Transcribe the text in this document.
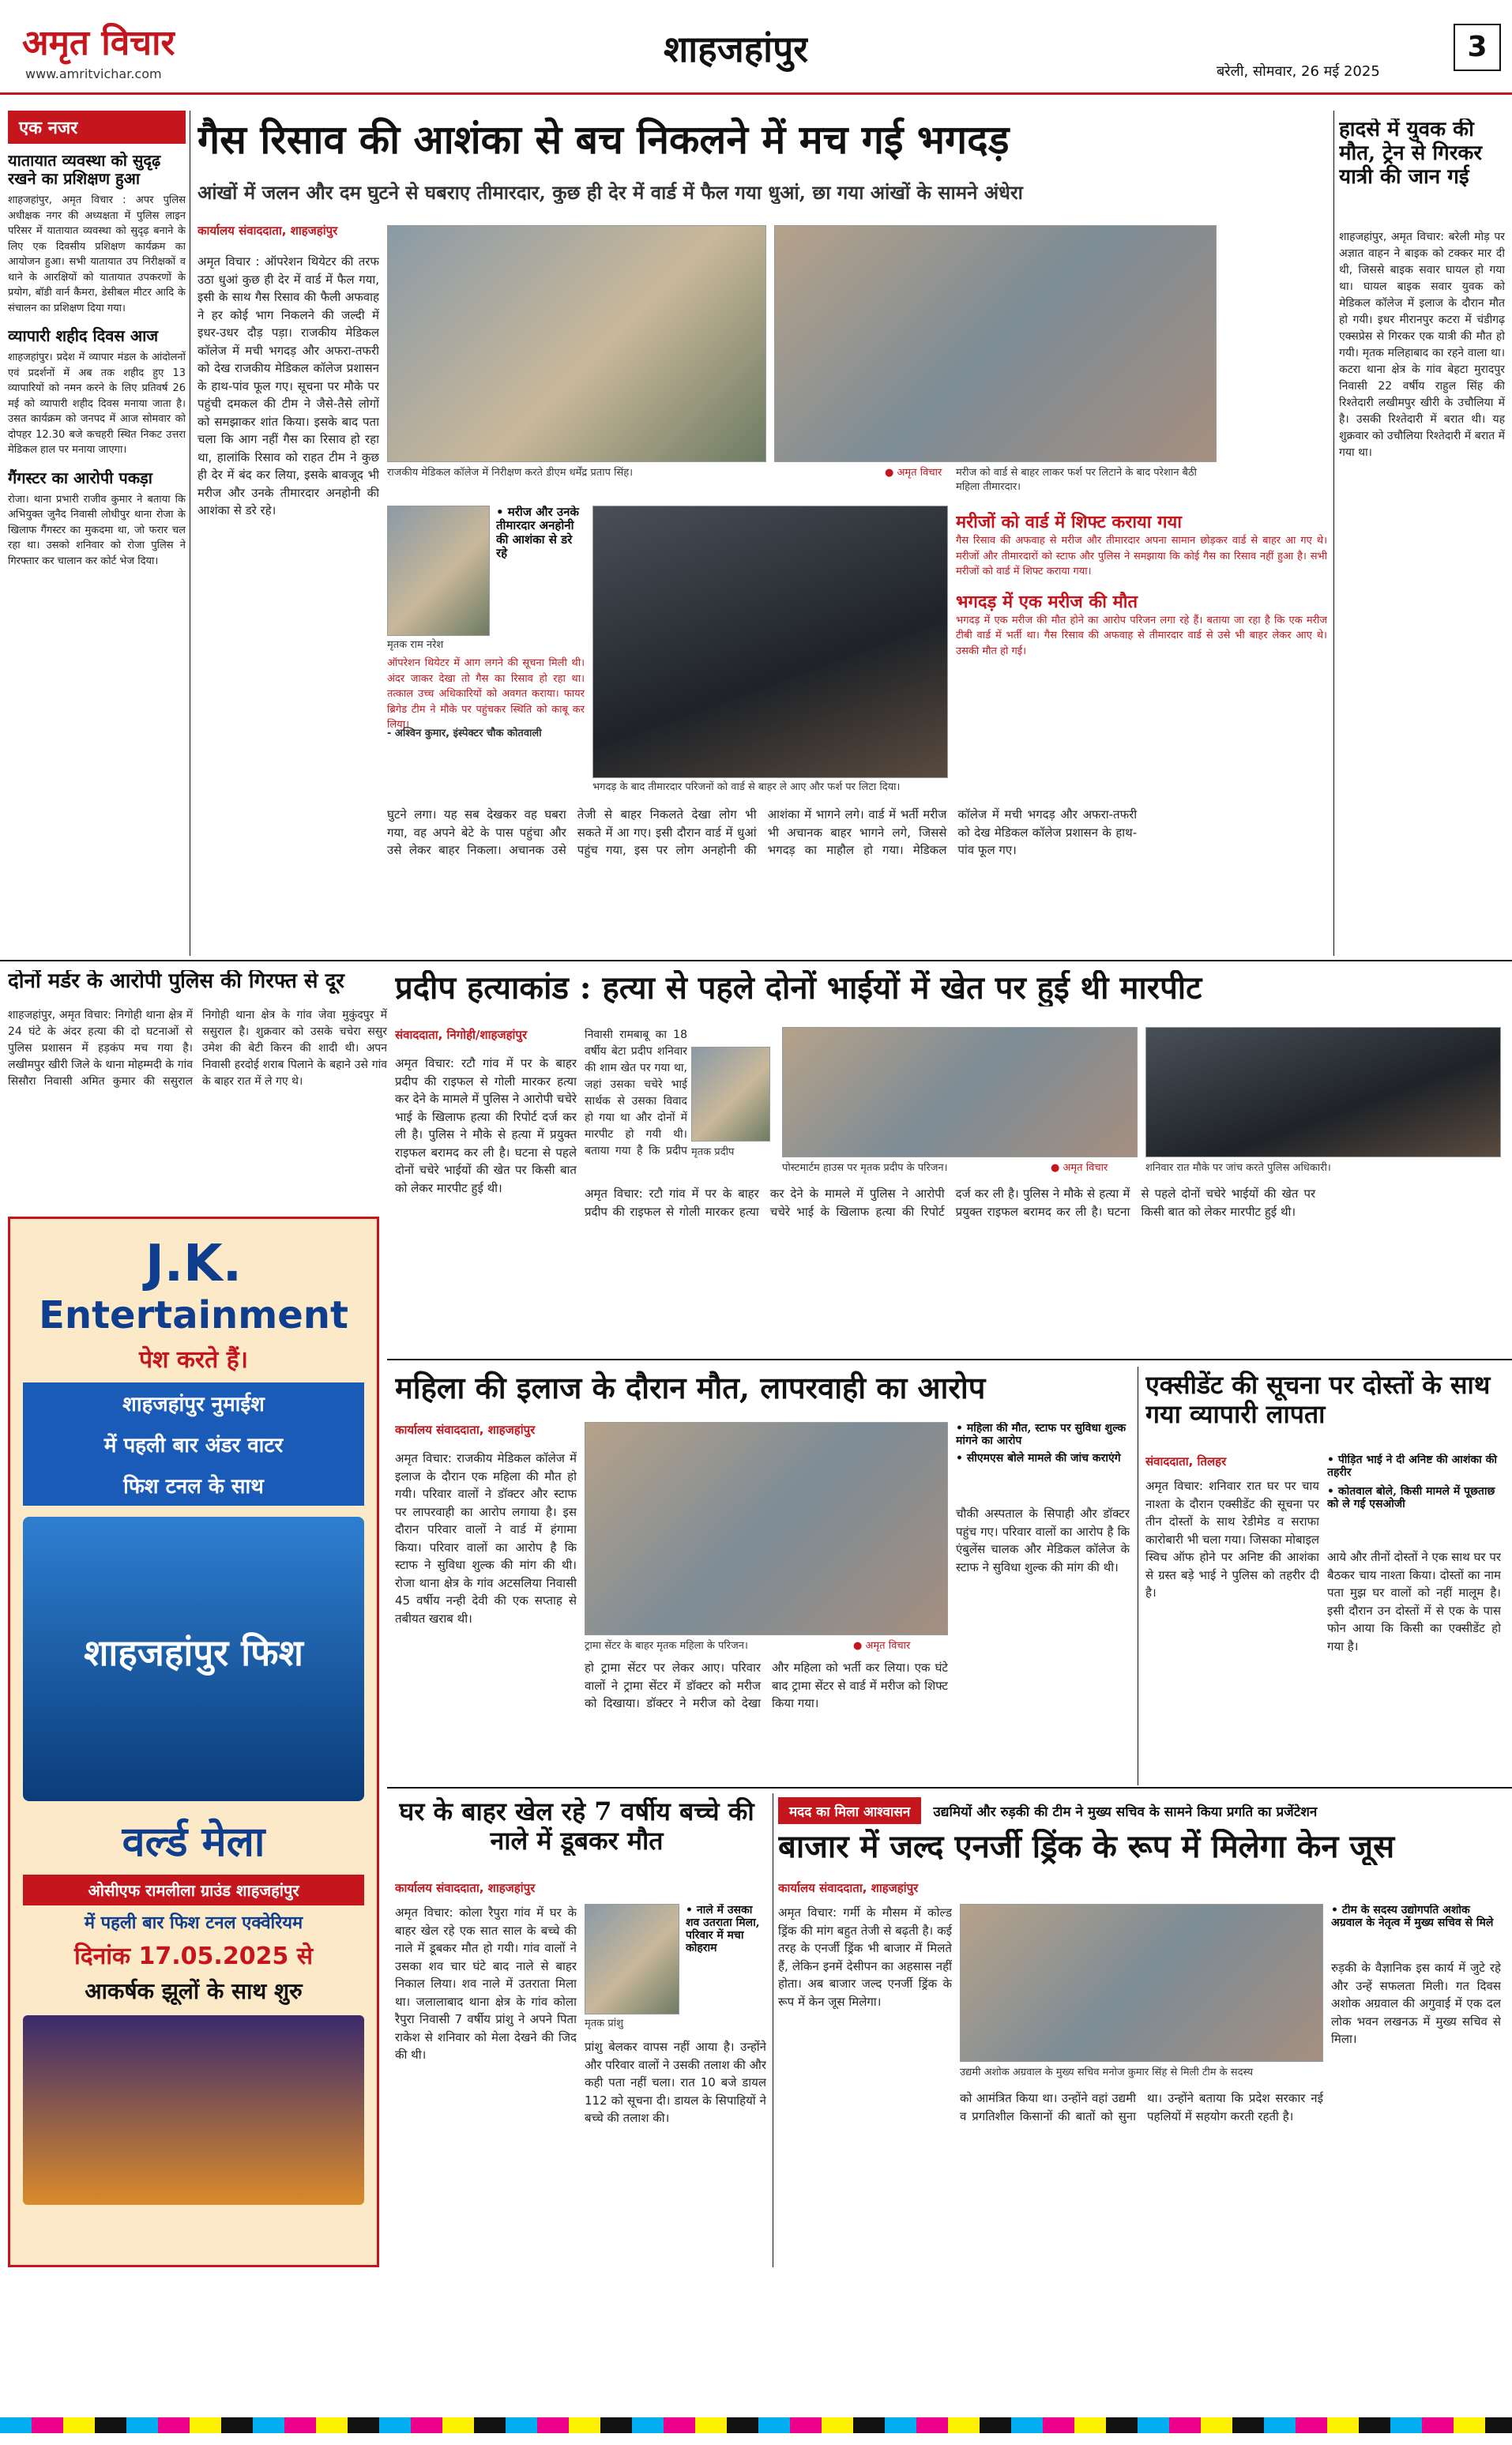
अमृत विचार
www.amritvichar.com
शाहजहांपुर
बरेली, सोमवार, 26 मई 2025
3
एक नजर
यातायात व्यवस्था को सुदृढ़ रखने का प्रशिक्षण हुआ
शाहजहांपुर, अमृत विचार : अपर पुलिस अधीक्षक नगर की अध्यक्षता में पुलिस लाइन परिसर में यातायात व्यवस्था को सुदृढ़ बनाने के लिए एक दिवसीय प्रशिक्षण कार्यक्रम का आयोजन हुआ। सभी यातायात उप निरीक्षकों व थाने के आरक्षियों को यातायात उपकरणों के प्रयोग, बॉडी वार्न कैमरा, डेसीबल मीटर आदि के संचालन का प्रशिक्षण दिया गया।
व्यापारी शहीद दिवस आज
शाहजहांपुर। प्रदेश में व्यापार मंडल के आंदोलनों एवं प्रदर्शनों में अब तक शहीद हुए 13 व्यापारियों को नमन करने के लिए प्रतिवर्ष 26 मई को व्यापारी शहीद दिवस मनाया जाता है। उसत कार्यक्रम को जनपद में आज सोमवार को दोपहर 12.30 बजे कचहरी स्थित निकट उत्तरा मेडिकल हाल पर मनाया जाएगा।
गैंगस्टर का आरोपी पकड़ा
रोजा। थाना प्रभारी राजीव कुमार ने बताया कि अभियुक्त जुनैद निवासी लोधीपुर थाना रोजा के खिलाफ गैंगस्टर का मुकदमा था, जो फरार चल रहा था। उसको शनिवार को रोजा पुलिस ने गिरफ्तार कर चालान कर कोर्ट भेज दिया।
गैस रिसाव की आशंका से बच निकलने में मच गई भगदड़
आंखों में जलन और दम घुटने से घबराए तीमारदार, कुछ ही देर में वार्ड में फैल गया धुआं, छा गया आंखों के सामने अंधेरा
कार्यालय संवाददाता, शाहजहांपुर
अमृत विचार : ऑपरेशन थियेटर की तरफ उठा धुआं कुछ ही देर में वार्ड में फैल गया, इसी के साथ गैस रिसाव की फैली अफवाह ने हर कोई भाग निकलने की जल्दी में इधर-उधर दौड़ पड़ा। राजकीय मेडिकल कॉलेज में मची भगदड़ और अफरा-तफरी को देख राजकीय मेडिकल कॉलेज प्रशासन के हाथ-पांव फूल गए। सूचना पर मौके पर पहुंची दमकल की टीम ने जैसे-तैसे लोगों को समझाकर शांत किया। इसके बाद पता चला कि आग नहीं गैस का रिसाव हो रहा था, हालांकि रिसाव को राहत टीम ने कुछ ही देर में बंद कर लिया, इसके बावजूद भी मरीज और उनके तीमारदार अनहोनी की आशंका से डरे रहे।
राजकीय मेडिकल कॉलेज में निरीक्षण करते डीएम धर्मेंद्र प्रताप सिंह।	मरीज को वार्ड से बाहर लाकर फर्श पर लिटाने के बाद परेशान बैठी महिला तीमारदार।
● अमृत विचार
मृतक राम नरेश
• मरीज और उनके तीमारदार अनहोनी की आशंका से डरे रहे
ऑपरेशन थियेटर में आग लगने की सूचना मिली थी। अंदर जाकर देखा तो गैस का रिसाव हो रहा था। तत्काल उच्च अधिकारियों को अवगत कराया। फायर ब्रिगेड टीम ने मौके पर पहुंचकर स्थिति को काबू कर लिया।
- अश्विन कुमार, इंस्पेक्टर चौक कोतवाली
भगदड़ के बाद तीमारदार परिजनों को वार्ड से बाहर ले आए और फर्श पर लिटा दिया।
मरीजों को वार्ड में शिफ्ट कराया गया
गैस रिसाव की अफवाह से मरीज और तीमारदार अपना सामान छोड़कर वार्ड से बाहर आ गए थे। मरीजों और तीमारदारों को स्टाफ और पुलिस ने समझाया कि कोई गैस का रिसाव नहीं हुआ है। सभी मरीजों को वार्ड में शिफ्ट कराया गया।
भगदड़ में एक मरीज की मौत
भगदड़ में एक मरीज की मौत होने का आरोप परिजन लगा रहे हैं। बताया जा रहा है कि एक मरीज टीबी वार्ड में भर्ती था। गैस रिसाव की अफवाह से तीमारदार वार्ड से उसे भी बाहर लेकर आए थे। उसकी मौत हो गई।
घुटने लगा। यह सब देखकर वह घबरा गया, वह अपने बेटे के पास पहुंचा और उसे लेकर बाहर निकला। अचानक उसे तेजी से बाहर निकलते देखा लोग भी सकते में आ गए। इसी दौरान वार्ड में धुआं पहुंच गया, इस पर लोग अनहोनी की आशंका में भागने लगे। वार्ड में भर्ती मरीज भी अचानक बाहर भागने लगे, जिससे भगदड़ का माहौल हो गया। मेडिकल कॉलेज में मची भगदड़ और अफरा-तफरी को देख मेडिकल कॉलेज प्रशासन के हाथ-पांव फूल गए।
हादसे में युवक की मौत, ट्रेन से गिरकर यात्री की जान गई
शाहजहांपुर, अमृत विचार: बरेली मोड़ पर अज्ञात वाहन ने बाइक को टक्कर मार दी थी, जिससे बाइक सवार घायल हो गया था। घायल बाइक सवार युवक को मेडिकल कॉलेज में इलाज के दौरान मौत हो गयी। इधर मीरानपुर कटरा में चंडीगढ़ एक्सप्रेस से गिरकर एक यात्री की मौत हो गयी। मृतक मलिहाबाद का रहने वाला था। कटरा थाना क्षेत्र के गांव बेहटा मुरादपुर निवासी 22 वर्षीय राहुल सिंह की रिश्तेदारी लखीमपुर खीरी के उचौलिया में है। उसकी रिश्तेदारी में बरात थी। यह शुक्रवार को उचौलिया रिश्तेदारी में बरात में गया था।
दोनों मर्डर के आरोपी पुलिस की गिरफ्त से दूर
शाहजहांपुर, अमृत विचार: निगोही थाना क्षेत्र में 24 घंटे के अंदर हत्या की दो घटनाओं से पुलिस प्रशासन में हड़कंप मच गया है। लखीमपुर खीरी जिले के थाना मोहम्मदी के गांव सिसौरा निवासी अमित कुमार की ससुराल निगोही थाना क्षेत्र के गांव जेवा मुकुंदपुर में ससुराल है। शुक्रवार को उसके चचेरा ससुर उमेश की बेटी किरन की शादी थी। अपन निवासी हरदोई शराब पिलाने के बहाने उसे गांव के बाहर रात में ले गए थे।
प्रदीप हत्याकांड : हत्या से पहले दोनों भाईयों में खेत पर हुई थी मारपीट
संवाददाता, निगोही/शाहजहांपुर
अमृत विचार: रटौ गांव में पर के बाहर प्रदीप की राइफल से गोली मारकर हत्या कर देने के मामले में पुलिस ने आरोपी चचेरे भाई के खिलाफ हत्या की रिपोर्ट दर्ज कर ली है। पुलिस ने मौके से हत्या में प्रयुक्त राइफल बरामद कर ली है। घटना से पहले दोनों चचेरे भाईयों की खेत पर किसी बात को लेकर मारपीट हुई थी।
निवासी रामबाबू का 18 वर्षीय बेटा प्रदीप शनिवार की शाम खेत पर गया था, जहां उसका चचेरे भाई सार्थक से उसका विवाद हो गया था और दोनों में मारपीट हो गयी थी। बताया गया है कि प्रदीप मृतक प्रदीप
पोस्टमार्टम हाउस पर मृतक प्रदीप के परिजन।	● अमृत विचार	शनिवार रात मौके पर जांच करते पुलिस अधिकारी।
अमृत विचार: रटौ गांव में पर के बाहर प्रदीप की राइफल से गोली मारकर हत्या कर देने के मामले में पुलिस ने आरोपी चचेरे भाई के खिलाफ हत्या की रिपोर्ट दर्ज कर ली है। पुलिस ने मौके से हत्या में प्रयुक्त राइफल बरामद कर ली है। घटना से पहले दोनों चचेरे भाईयों की खेत पर किसी बात को लेकर मारपीट हुई थी।
J.K.
Entertainment
पेश करते हैं।
शाहजहांपुर नुमाईश
में पहली बार अंडर वाटर
फिश टनल के साथ
शाहजहांपुर फिश
वर्ल्ड मेला
ओसीएफ रामलीला ग्राउंड शाहजहांपुर
में पहली बार फिश टनल एक्वेरियम
दिनांक 17.05.2025 से
आकर्षक झूलों के साथ शुरु
महिला की इलाज के दौरान मौत, लापरवाही का आरोप
कार्यालय संवाददाता, शाहजहांपुर
अमृत विचार: राजकीय मेडिकल कॉलेज में इलाज के दौरान एक महिला की मौत हो गयी। परिवार वालों ने डॉक्टर और स्टाफ पर लापरवाही का आरोप लगाया है। इस दौरान परिवार वालों ने वार्ड में हंगामा किया। परिवार वालों का आरोप है कि स्टाफ ने सुविधा शुल्क की मांग की थी। रोजा थाना क्षेत्र के गांव अटसलिया निवासी 45 वर्षीय नन्ही देवी की एक सप्ताह से तबीयत खराब थी।
ट्रामा सेंटर के बाहर मृतक महिला के परिजन।	● अमृत विचार
• महिला की मौत, स्टाफ पर सुविधा शुल्क मांगने का आरोप
• सीएमएस बोले मामले की जांच कराएंगे
चौकी अस्पताल के सिपाही और डॉक्टर पहुंच गए। परिवार वालों का आरोप है कि एंबुलेंस चालक और मेडिकल कॉलेज के स्टाफ ने सुविधा शुल्क की मांग की थी।
हो ट्रामा सेंटर पर लेकर आए। परिवार वालों ने ट्रामा सेंटर में डॉक्टर को मरीज को दिखाया। डॉक्टर ने मरीज को देखा और महिला को भर्ती कर लिया। एक घंटे बाद ट्रामा सेंटर से वार्ड में मरीज को शिफ्ट किया गया।
एक्सीडेंट की सूचना पर दोस्तों के साथ गया व्यापारी लापता
संवाददाता, तिलहर
अमृत विचार: शनिवार रात घर पर चाय नाश्ता के दौरान एक्सीडेंट की सूचना पर तीन दोस्तों के साथ रेडीमेड व सराफा कारोबारी भी चला गया। जिसका मोबाइल स्विच ऑफ होने पर अनिष्ट की आशंका से ग्रस्त बड़े भाई ने पुलिस को तहरीर दी है।
• पीड़ित भाई ने दी अनिष्ट की आशंका की तहरीर
• कोतवाल बोले, किसी मामले में पूछताछ को ले गई एसओजी
आये और तीनों दोस्तों ने एक साथ घर पर बैठकर चाय नाश्ता किया। दोस्तों का नाम पता मुझ घर वालों को नहीं मालूम है। इसी दौरान उन दोस्तों में से एक के पास फोन आया कि किसी का एक्सीडेंट हो गया है।
घर के बाहर खेल रहे 7 वर्षीय बच्चे की नाले में डूबकर मौत
कार्यालय संवाददाता, शाहजहांपुर
अमृत विचार: कोला रैपुरा गांव में घर के बाहर खेल रहे एक सात साल के बच्चे की नाले में डूबकर मौत हो गयी। गांव वालों ने उसका शव चार घंटे बाद नाले से बाहर निकाल लिया। शव नाले में उतराता मिला था। जलालाबाद थाना क्षेत्र के गांव कोला रैपुरा निवासी 7 वर्षीय प्रांशु ने अपने पिता राकेश से शनिवार को मेला देखने की जिद की थी।
मृतक प्रांशु
• नाले में उसका शव उतराता मिला, परिवार में मचा कोहराम
प्रांशु बेलकर वापस नहीं आया है। उन्होंने और परिवार वालों ने उसकी तलाश की और कही पता नहीं चला। रात 10 बजे डायल 112 को सूचना दी। डायल के सिपाहियों ने बच्चे की तलाश की।
मदद का मिला आश्वासन उद्यमियों और रुड़की की टीम ने मुख्य सचिव के सामने किया प्रगति का प्रजेंटेशन
बाजार में जल्द एनर्जी ड्रिंक के रूप में मिलेगा केन जूस
कार्यालय संवाददाता, शाहजहांपुर
अमृत विचार: गर्मी के मौसम में कोल्ड ड्रिंक की मांग बहुत तेजी से बढ़ती है। कई तरह के एनर्जी ड्रिंक भी बाजार में मिलते हैं, लेकिन इनमें देसीपन का अहसास नहीं होता। अब बाजार जल्द एनर्जी ड्रिंक के रूप में केन जूस मिलेगा।
उद्यमी अशोक अग्रवाल के मुख्य सचिव मनोज कुमार सिंह से मिली टीम के सदस्य
• टीम के सदस्य उद्योगपति अशोक अग्रवाल के नेतृत्व में मुख्य सचिव से मिले
रुड़की के वैज्ञानिक इस कार्य में जुटे रहे और उन्हें सफलता मिली। गत दिवस अशोक अग्रवाल की अगुवाई में एक दल लोक भवन लखनऊ में मुख्य सचिव से मिला।
को आमंत्रित किया था। उन्होंने वहां उद्यमी व प्रगतिशील किसानों की बातों को सुना था। उन्होंने बताया कि प्रदेश सरकार नई पहलियों में सहयोग करती रहती है।
